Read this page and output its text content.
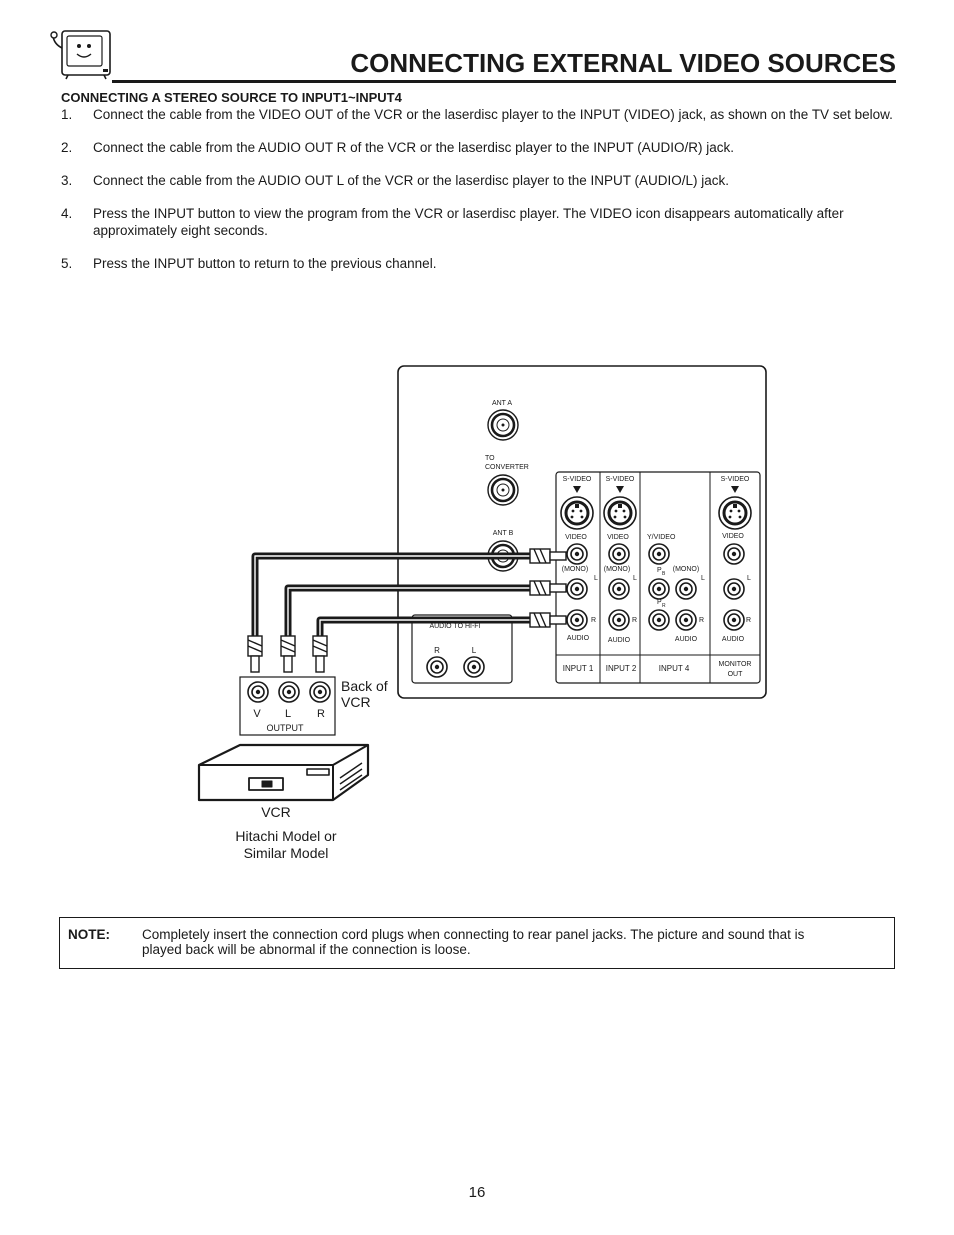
CONNECTING EXTERNAL VIDEO SOURCES
CONNECTING A STEREO SOURCE TO INPUT1~INPUT4
1. Connect the cable from the VIDEO OUT of the VCR or the laserdisc player to the INPUT (VIDEO) jack, as shown on the TV set below.
2. Connect the cable from the AUDIO OUT R of the VCR or the laserdisc player to the INPUT (AUDIO/R) jack.
3. Connect the cable from the AUDIO OUT L of the VCR or the laserdisc player to the INPUT (AUDIO/L) jack.
4. Press the INPUT button to view the program from the VCR or laserdisc player. The VIDEO icon disappears automatically after approximately eight seconds.
5. Press the INPUT button to return to the previous channel.
ANT A
TO
CONVERTER
ANT B
S-VIDEO S-VIDEO	S-VIDEO
VIDEO	VIDEO	Y/VIDEO	VIDEO
(MONO)
L
(MONO)
L
P B
(MONO)
L	L
R
AUDIO
R
AUDIO
P R
R
AUDIO
R
AUDIO
INPUT 1 INPUT 2	INPUT 4	MONITOR
OUT
AUDIO TO HI-FI
R	L
V L R
OUTPUT
Back of
VCR
VCR
Hitachi Model or
Similar Model
NOTE: Completely insert the connection cord plugs when connecting to rear panel jacks. The picture and sound that is
played back will be abnormal if the connection is loose.
16
